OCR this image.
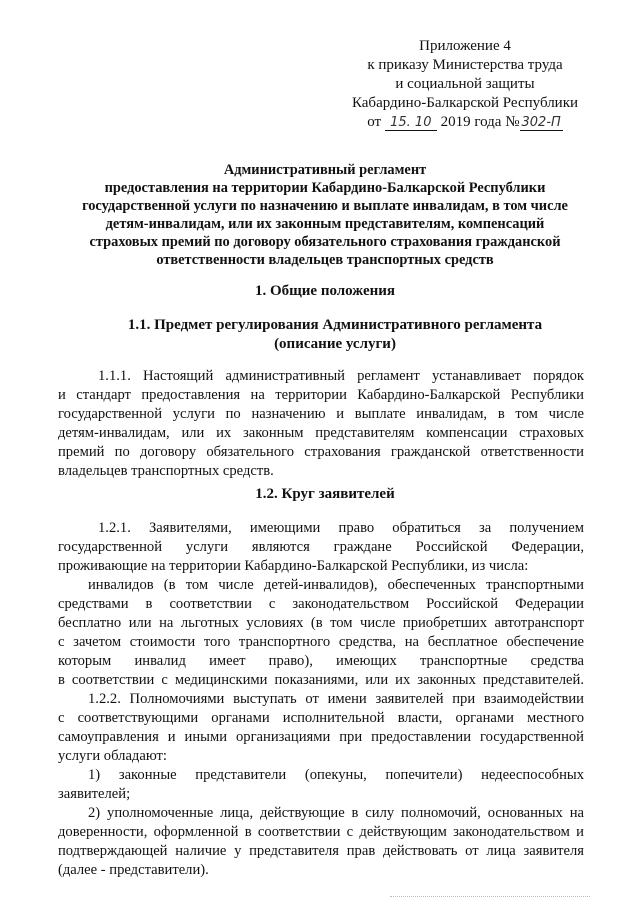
Приложение 4
к приказу Министерства труда
и социальной защиты
Кабардино-Балкарской Республики
от 15. 10 2019 года № 302-П
Административный регламент
предоставления на территории Кабардино-Балкарской Республики
государственной услуги по назначению и выплате инвалидам, в том числе
детям-инвалидам, или их законным представителям, компенсаций
страховых премий по договору обязательного страхования гражданской
ответственности владельцев транспортных средств
1. Общие положения
1.1. Предмет регулирования Административного регламента
(описание услуги)
1.1.1. Настоящий административный регламент устанавливает порядок
и стандарт предоставления на территории Кабардино-Балкарской Республики
государственной услуги по назначению и выплате инвалидам, в том числе
детям-инвалидам, или их законным представителям компенсации страховых
премий по договору обязательного страхования гражданской ответственности
владельцев транспортных средств.
1.2. Круг заявителей
1.2.1. Заявителями, имеющими право обратиться за получением
государственной услуги являются граждане Российской Федерации,
проживающие на территории Кабардино-Балкарской Республики, из числа:
инвалидов (в том числе детей-инвалидов), обеспеченных транспортными
средствами в соответствии с законодательством Российской Федерации
бесплатно или на льготных условиях (в том числе приобретших автотранспорт
с зачетом стоимости того транспортного средства, на бесплатное обеспечение
которым инвалид имеет право), имеющих транспортные средства
в соответствии с медицинскими показаниями, или их законных представителей.
1.2.2. Полномочиями выступать от имени заявителей при взаимодействии
с соответствующими органами исполнительной власти, органами местного
самоуправления и иными организациями при предоставлении государственной
услуги обладают:
1) законные представители (опекуны, попечители) недееспособных
заявителей;
2) уполномоченные лица, действующие в силу полномочий, основанных на
доверенности, оформленной в соответствии с действующим законодательством и
подтверждающей наличие у представителя прав действовать от лица заявителя
(далее - представители).
